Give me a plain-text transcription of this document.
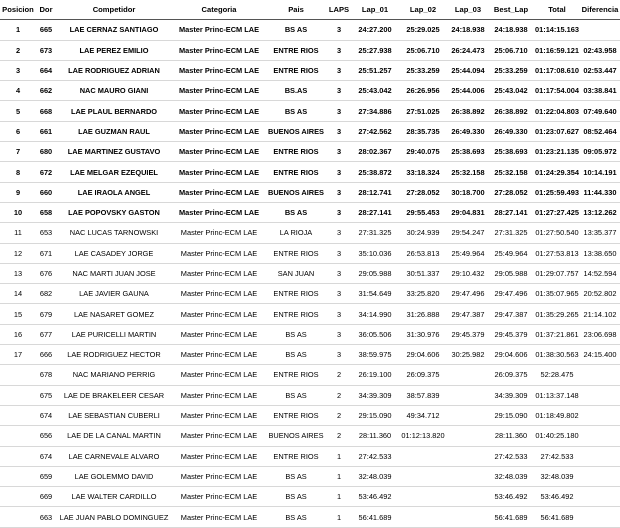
Posicion	Dor	Competidor	Categoria	Pais	LAPS	Lap_01	Lap_02	Lap_03	Best_Lap	Total	Diferencia
1	665	LAE CERNAZ SANTIAGO	Master Princ-ECM LAE	BS AS	3	24:27.200	25:29.025	24:18.938	24:18.938	01:14:15.163	
2	673	LAE PEREZ EMILIO	Master Princ-ECM LAE	ENTRE RIOS	3	25:27.938	25:06.710	26:24.473	25:06.710	01:16:59.121	02:43.958
3	664	LAE RODRIGUEZ ADRIAN	Master Princ-ECM LAE	ENTRE RIOS	3	25:51.257	25:33.259	25:44.094	25:33.259	01:17:08.610	02:53.447
4	662	NAC MAURO GIANI	Master Princ-ECM LAE	BS.AS	3	25:43.042	26:26.956	25:44.006	25:43.042	01:17:54.004	03:38.841
5	668	LAE PLAUL BERNARDO	Master Princ-ECM LAE	BS AS	3	27:34.886	27:51.025	26:38.892	26:38.892	01:22:04.803	07:49.640
6	661	LAE GUZMAN RAUL	Master Princ-ECM LAE	BUENOS AIRES	3	27:42.562	28:35.735	26:49.330	26:49.330	01:23:07.627	08:52.464
7	680	LAE MARTINEZ GUSTAVO	Master Princ-ECM LAE	ENTRE RIOS	3	28:02.367	29:40.075	25:38.693	25:38.693	01:23:21.135	09:05.972
8	672	LAE MELGAR EZEQUIEL	Master Princ-ECM LAE	ENTRE RIOS	3	25:38.872	33:18.324	25:32.158	25:32.158	01:24:29.354	10:14.191
9	660	LAE IRAOLA ANGEL	Master Princ-ECM LAE	BUENOS AIRES	3	28:12.741	27:28.052	30:18.700	27:28.052	01:25:59.493	11:44.330
10	658	LAE POPOVSKY GASTON	Master Princ-ECM LAE	BS AS	3	28:27.141	29:55.453	29:04.831	28:27.141	01:27:27.425	13:12.262
11	653	NAC LUCAS TARNOWSKI	Master Princ-ECM LAE	LA RIOJA	3	27:31.325	30:24.939	29:54.247	27:31.325	01:27:50.540	13:35.377
12	671	LAE CASADEY JORGE	Master Princ-ECM LAE	ENTRE RIOS	3	35:10.036	26:53.813	25:49.964	25:49.964	01:27:53.813	13:38.650
13	676	NAC MARTI JUAN JOSE	Master Princ-ECM LAE	SAN JUAN	3	29:05.988	30:51.337	29:10.432	29:05.988	01:29:07.757	14:52.594
14	682	LAE JAVIER GAUNA	Master Princ-ECM LAE	ENTRE RIOS	3	31:54.649	33:25.820	29:47.496	29:47.496	01:35:07.965	20:52.802
15	679	LAE NASARET GOMEZ	Master Princ-ECM LAE	ENTRE RIOS	3	34:14.990	31:26.888	29:47.387	29:47.387	01:35:29.265	21:14.102
16	677	LAE PURICELLI MARTIN	Master Princ-ECM LAE	BS AS	3	36:05.506	31:30.976	29:45.379	29:45.379	01:37:21.861	23:06.698
17	666	LAE RODRIGUEZ HECTOR	Master Princ-ECM LAE	BS AS	3	38:59.975	29:04.606	30:25.982	29:04.606	01:38:30.563	24:15.400
	678	NAC MARIANO PERRIG	Master Princ-ECM LAE	ENTRE RIOS	2	26:19.100	26:09.375		26:09.375	52:28.475	
	675	LAE DE BRAKELEER CESAR	Master Princ-ECM LAE	BS AS	2	34:39.309	38:57.839		34:39.309	01:13:37.148	
	674	LAE SEBASTIAN CUBERLI	Master Princ-ECM LAE	ENTRE RIOS	2	29:15.090	49:34.712		29:15.090	01:18:49.802	
	656	LAE DE LA CANAL MARTIN	Master Princ-ECM LAE	BUENOS AIRES	2	28:11.360	01:12:13.820		28:11.360	01:40:25.180	
	674	LAE CARNEVALE ALVARO	Master Princ-ECM LAE	ENTRE RIOS	1	27:42.533			27:42.533	27:42.533	
	659	LAE GOLEMMO DAVID	Master Princ-ECM LAE	BS AS	1	32:48.039			32:48.039	32:48.039	
	669	LAE WALTER CARDILLO	Master Princ-ECM LAE	BS AS	1	53:46.492			53:46.492	53:46.492	
	663	LAE JUAN PABLO DOMINGUEZ	Master Princ-ECM LAE	BS AS	1	56:41.689			56:41.689	56:41.689	
